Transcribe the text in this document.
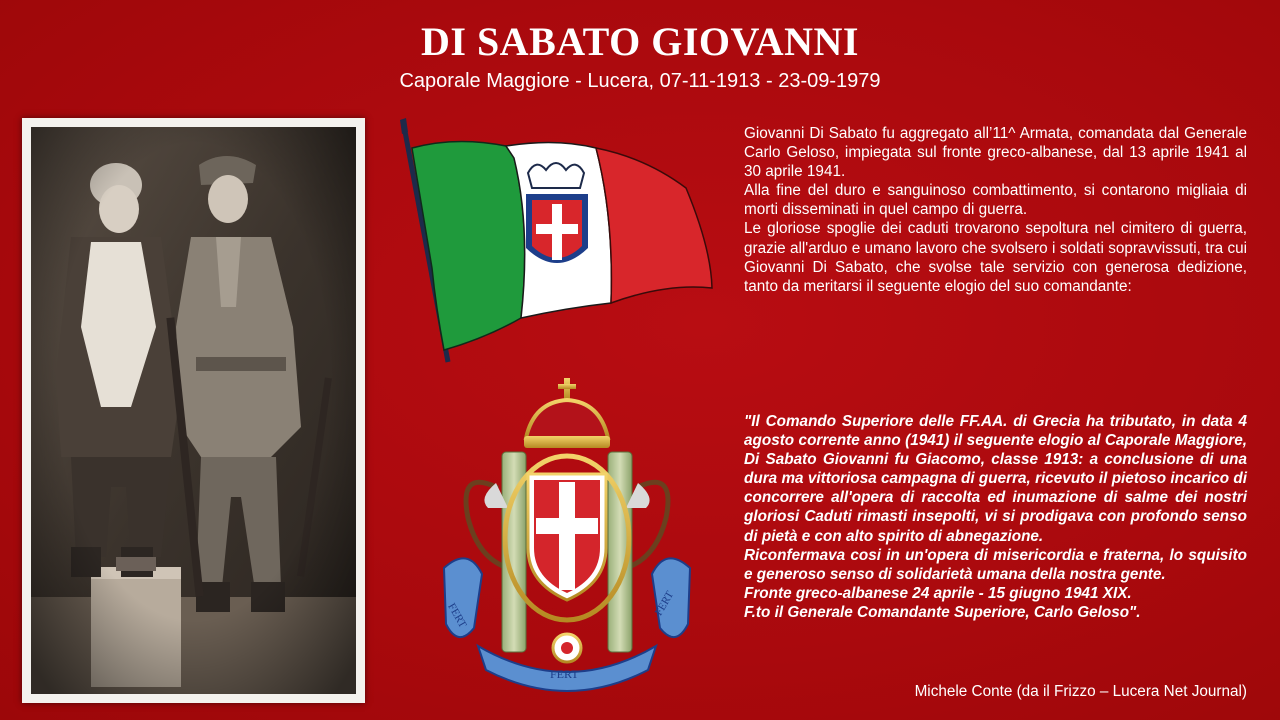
DI SABATO GIOVANNI
Caporale Maggiore - Lucera, 07-11-1913 - 23-09-1979
FERT	FERT
FERT

Giovanni Di Sabato fu aggregato all’11^ Armata, comandata dal Generale Carlo Geloso, impiegata sul fronte greco-albanese, dal 13 aprile 1941 al 30 aprile 1941.

Alla fine del duro e sanguinoso combattimento, si contarono migliaia di morti disseminati in quel campo di guerra.

Le gloriose spoglie dei caduti trovarono sepoltura nel cimitero di guerra, grazie all'arduo e umano lavoro che svolsero i soldati sopravvissuti, tra cui Giovanni Di Sabato, che svolse tale servizio con generosa dedizione, tanto da meritarsi il seguente elogio del suo comandante:

"Il Comando Superiore delle FF.AA. di Grecia ha tributato, in data 4 agosto corrente anno (1941) il seguente elogio al Caporale Maggiore, Di Sabato Giovanni fu Giacomo, classe 1913: a conclusione di una dura ma vittoriosa campagna di guerra, ricevuto il pietoso incarico di concorrere all'opera di raccolta ed inumazione di salme dei nostri gloriosi Caduti rimasti insepolti, vi si prodigava con profondo senso di pietà e con alto spirito di abnegazione.

Riconfermava cosi in un'opera di misericordia e fraterna, lo squisito e generoso senso di solidarietà umana della nostra gente.

Fronte greco-albanese 24 aprile - 15 giugno 1941 XIX.

F.to il Generale Comandante Superiore, Carlo Geloso".

Michele Conte (da il Frizzo – Lucera Net Journal)
